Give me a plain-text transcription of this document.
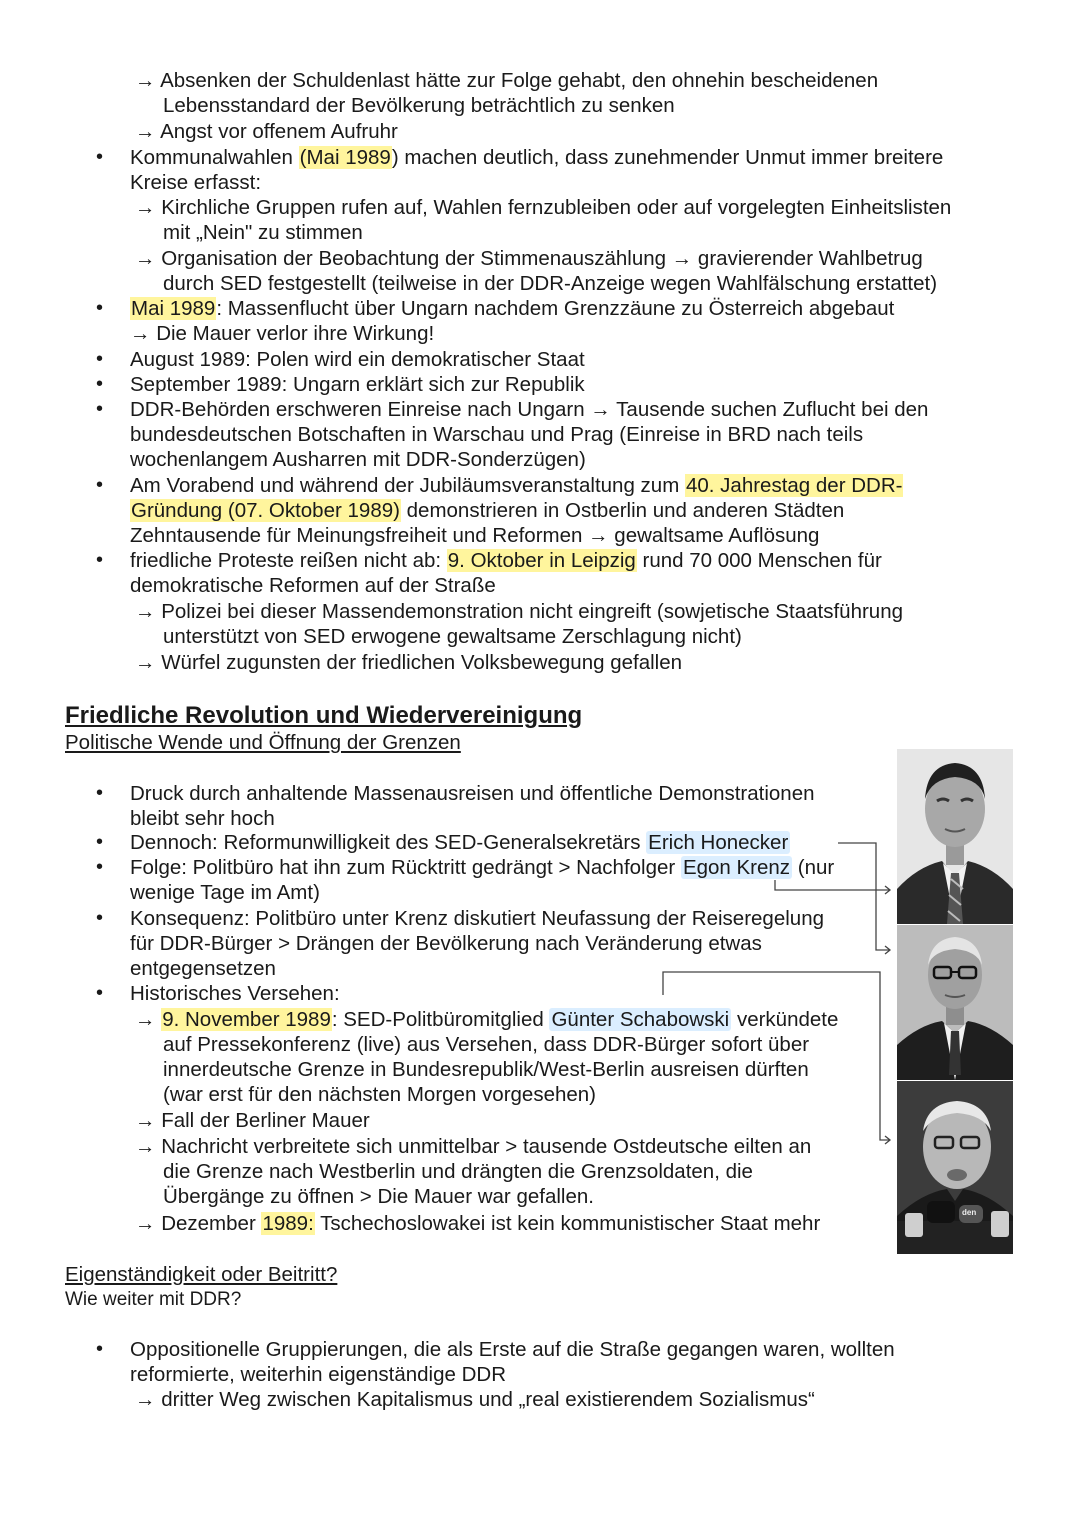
→ Absenken der Schuldenlast hätte zur Folge gehabt, den ohnehin bescheidenen
Lebensstandard der Bevölkerung beträchtlich zu senken
→ Angst vor offenem Aufruhr
• Kommunalwahlen (Mai 1989) machen deutlich, dass zunehmender Unmut immer breitere
Kreise erfasst:
→ Kirchliche Gruppen rufen auf, Wahlen fernzubleiben oder auf vorgelegten Einheitslisten
mit „Nein" zu stimmen
→ Organisation der Beobachtung der Stimmenauszählung → gravierender Wahlbetrug
durch SED festgestellt (teilweise in der DDR-Anzeige wegen Wahlfälschung erstattet)
• Mai 1989: Massenflucht über Ungarn nachdem Grenzzäune zu Österreich abgebaut
→ Die Mauer verlor ihre Wirkung!
• August 1989: Polen wird ein demokratischer Staat
• September 1989: Ungarn erklärt sich zur Republik
• DDR-Behörden erschweren Einreise nach Ungarn → Tausende suchen Zuflucht bei den
bundesdeutschen Botschaften in Warschau und Prag (Einreise in BRD nach teils
wochenlangem Ausharren mit DDR-Sonderzügen)
• Am Vorabend und während der Jubiläumsveranstaltung zum 40. Jahrestag der DDR-
Gründung (07. Oktober 1989) demonstrieren in Ostberlin und anderen Städten
Zehntausende für Meinungsfreiheit und Reformen → gewaltsame Auflösung
• friedliche Proteste reißen nicht ab: 9. Oktober in Leipzig rund 70 000 Menschen für
demokratische Reformen auf der Straße
→ Polizei bei dieser Massendemonstration nicht eingreift (sowjetische Staatsführung
unterstützt von SED erwogene gewaltsame Zerschlagung nicht)
→ Würfel zugunsten der friedlichen Volksbewegung gefallen
Friedliche Revolution und Wiedervereinigung
Politische Wende und Öffnung der Grenzen
• Druck durch anhaltende Massenausreisen und öffentliche Demonstrationen
bleibt sehr hoch
• Dennoch: Reformunwilligkeit des SED-Generalsekretärs Erich Honecker
• Folge: Politbüro hat ihn zum Rücktritt gedrängt > Nachfolger Egon Krenz (nur
wenige Tage im Amt)
• Konsequenz: Politbüro unter Krenz diskutiert Neufassung der Reiseregelung
für DDR-Bürger > Drängen der Bevölkerung nach Veränderung etwas
entgegensetzen
• Historisches Versehen:
→ 9. November 1989: SED-Politbüromitglied Günter Schabowski verkündete
auf Pressekonferenz (live) aus Versehen, dass DDR-Bürger sofort über
innerdeutsche Grenze in Bundesrepublik/West-Berlin ausreisen dürften
(war erst für den nächsten Morgen vorgesehen)
→ Fall der Berliner Mauer
→ Nachricht verbreitete sich unmittelbar > tausende Ostdeutsche eilten an
die Grenze nach Westberlin und drängten die Grenzsoldaten, die
Übergänge zu öffnen > Die Mauer war gefallen.
→ Dezember 1989: Tschechoslowakei ist kein kommunistischer Staat mehr	den
Eigenständigkeit oder Beitritt?
Wie weiter mit DDR?
• Oppositionelle Gruppierungen, die als Erste auf die Straße gegangen waren, wollten
reformierte, weiterhin eigenständige DDR
→ dritter Weg zwischen Kapitalismus und „real existierendem Sozialismus“
